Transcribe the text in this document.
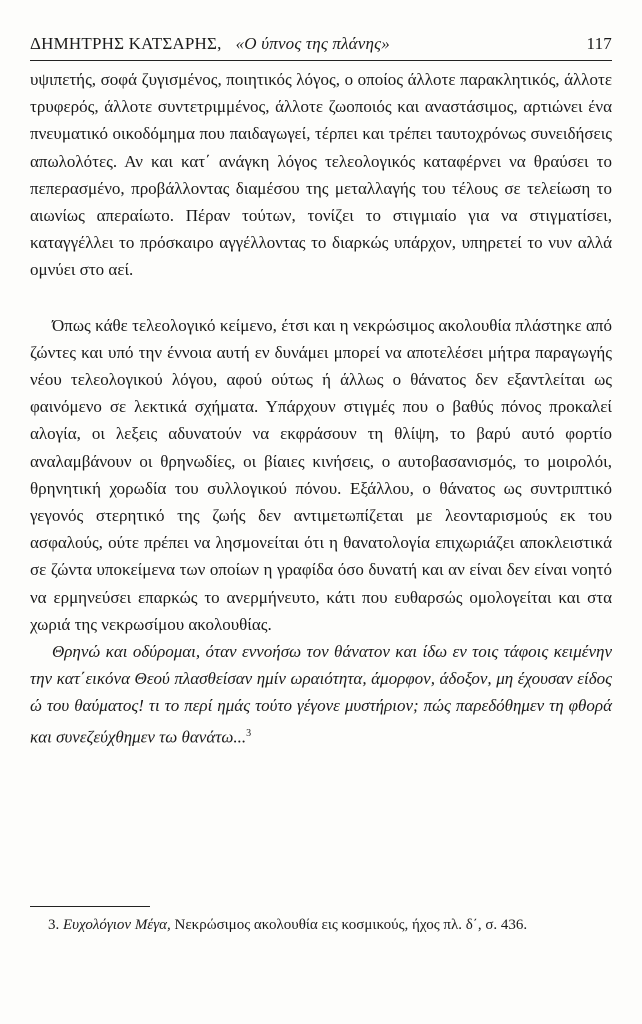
ΔΗΜΗΤΡΗΣ ΚΑΤΣΑΡΗΣ, «Ο ύπνος της πλάνης»	117

υψιπετής, σοφά ζυγισμένος, ποιητικός λόγος, ο οποίος άλλοτε παρακλητικός, άλλοτε τρυφερός, άλλοτε συντετριμμένος, άλλοτε ζωοποιός και αναστάσιμος, αρτιώνει ένα πνευματικό οικοδόμημα που παιδαγωγεί, τέρπει και τρέπει ταυτοχρόνως συνειδήσεις απωλολότες. Αν και κατ΄ ανάγκη λόγος τελεολογικός καταφέρνει να θραύσει το πεπερασμένο, προβάλλοντας διαμέσου της μεταλλαγής του τέλους σε τελείωση το αιωνίως απεραίωτο. Πέραν τούτων, τονίζει το στιγμιαίο για να στιγματίσει, καταγγέλλει το πρόσκαιρο αγγέλλοντας το διαρκώς υπάρχον, υπηρετεί το νυν αλλά ομνύει στο αεί.

Όπως κάθε τελεολογικό κείμενο, έτσι και η νεκρώσιμος ακολουθία πλάστηκε από ζώντες και υπό την έννοια αυτή εν δυνάμει μπορεί να αποτελέσει μήτρα παραγωγής νέου τελεολογικού λόγου, αφού ούτως ή άλλως ο θάνατος δεν εξαντλείται ως φαινόμενο σε λεκτικά σχήματα. Υπάρχουν στιγμές που ο βαθύς πόνος προκαλεί αλογία, οι λεξεις αδυνατούν να εκφράσουν τη θλίψη, το βαρύ αυτό φορτίο αναλαμβάνουν οι θρηνωδίες, οι βίαιες κινήσεις, ο αυτοβασανισμός, το μοιρολόι, θρηνητική χορωδία του συλλογικού πόνου. Εξάλλου, ο θάνατος ως συντριπτικό γεγονός στερητικό της ζωής δεν αντιμετωπίζεται με λεονταρισμούς εκ του ασφαλούς, ούτε πρέπει να λησμονείται ότι η θανατολογία επιχωριάζει αποκλειστικά σε ζώντα υποκείμενα των οποίων η γραφίδα όσο δυνατή και αν είναι δεν είναι νοητό να ερμηνεύσει επαρκώς το ανερμήνευτο, κάτι που ευθαρσώς ομολογείται και στα χωριά της νεκρωσίμου ακολουθίας.

Θρηνώ και οδύρομαι, όταν εννοήσω τον θάνατον και ίδω εν τοις τάφοις κειμένην την κατ΄εικόνα Θεού πλασθείσαν ημίν ωραιότητα, άμορφον, άδοξον, μη έχουσαν είδος ώ του θαύματος! τι το περί ημάς τούτο γέγονε μυστήριον; πώς παρεδόθημεν τη φθορά και συνεζεύχθημεν τω θανάτω...$^3$

3. Ευχολόγιον Μέγα, Νεκρώσιμος ακολουθία εις κοσμικούς, ήχος πλ. δ΄, σ. 436.
